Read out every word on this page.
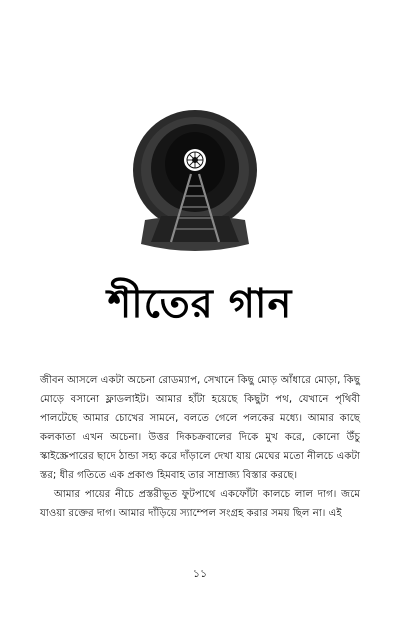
শীতের গান

জীবন আসলে একটা অচেনা রোডম্যাপ, সেখানে কিছু মোড় আঁধারে মোড়া, কিছু মোড়ে বসানো ফ্লাডলাইট। আমার হাঁটা হয়েছে কিছুটা পথ, যেখানে পৃথিবী পালটেছে আমার চোখের সামনে, বলতে গেলে পলকের মধ্যে। আমার কাছে কলকাতা এখন অচেনা। উত্তর দিকচক্রবালের দিকে মুখ করে, কোনো উঁচু স্কাইস্ক্রেপারের ছাদে ঠান্ডা সহ্য করে দাঁড়ালে দেখা যায় মেঘের মতো নীলচে একটা স্তর; ধীর গতিতে এক প্রকাণ্ড হিমবাহ তার সাম্রাজ্য বিস্তার করছে।

আমার পায়ের নীচে প্রস্তরীভূত ফুটপাথে একফোঁটা কালচে লাল দাগ। জমে যাওয়া রক্তের দাগ। আমার দাঁড়িয়ে স্যাম্পেল সংগ্রহ করার সময় ছিল না। এই

১১
